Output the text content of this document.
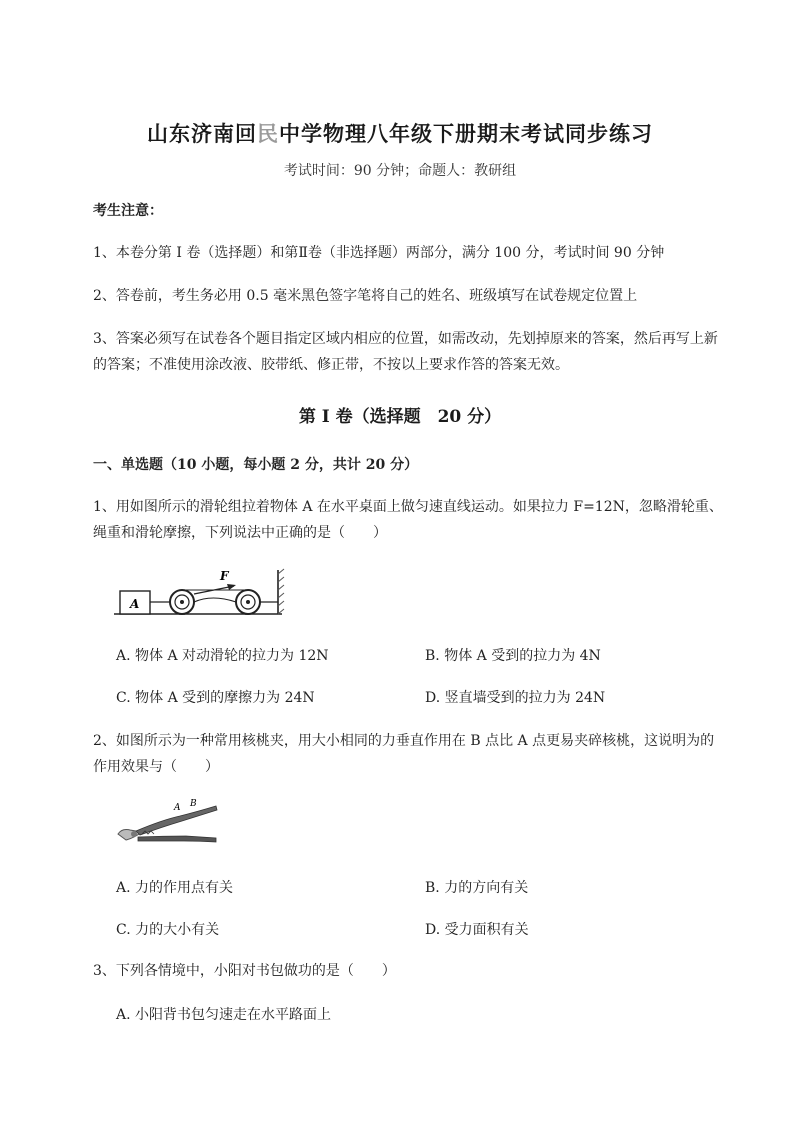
山东济南回民中学物理八年级下册期末考试同步练习
考试时间：90 分钟；命题人：教研组
考生注意：
1、本卷分第 I 卷（选择题）和第Ⅱ卷（非选择题）两部分，满分 100 分，考试时间 90 分钟
2、答卷前，考生务必用 0.5 毫米黑色签字笔将自己的姓名、班级填写在试卷规定位置上
3、答案必须写在试卷各个题目指定区域内相应的位置，如需改动，先划掉原来的答案，然后再写上新的答案；不准使用涂改液、胶带纸、修正带，不按以上要求作答的答案无效。
第 I 卷（选择题　20 分）
一、单选题（10 小题，每小题 2 分，共计 20 分）
1、用如图所示的滑轮组拉着物体 A 在水平桌面上做匀速直线运动。如果拉力 F=12N，忽略滑轮重、绳重和滑轮摩擦，下列说法中正确的是（　　）
A
F
A. 物体 A 对动滑轮的拉力为 12N	B. 物体 A 受到的拉力为 4N
C. 物体 A 受到的摩擦力为 24N	D. 竖直墙受到的拉力为 24N
2、如图所示为一种常用核桃夹，用大小相同的力垂直作用在 B 点比 A 点更易夹碎核桃，这说明为的作用效果与（　　）
A B
A. 力的作用点有关	B. 力的方向有关
C. 力的大小有关	D. 受力面积有关
3、下列各情境中，小阳对书包做功的是（　　）
A. 小阳背书包匀速走在水平路面上
